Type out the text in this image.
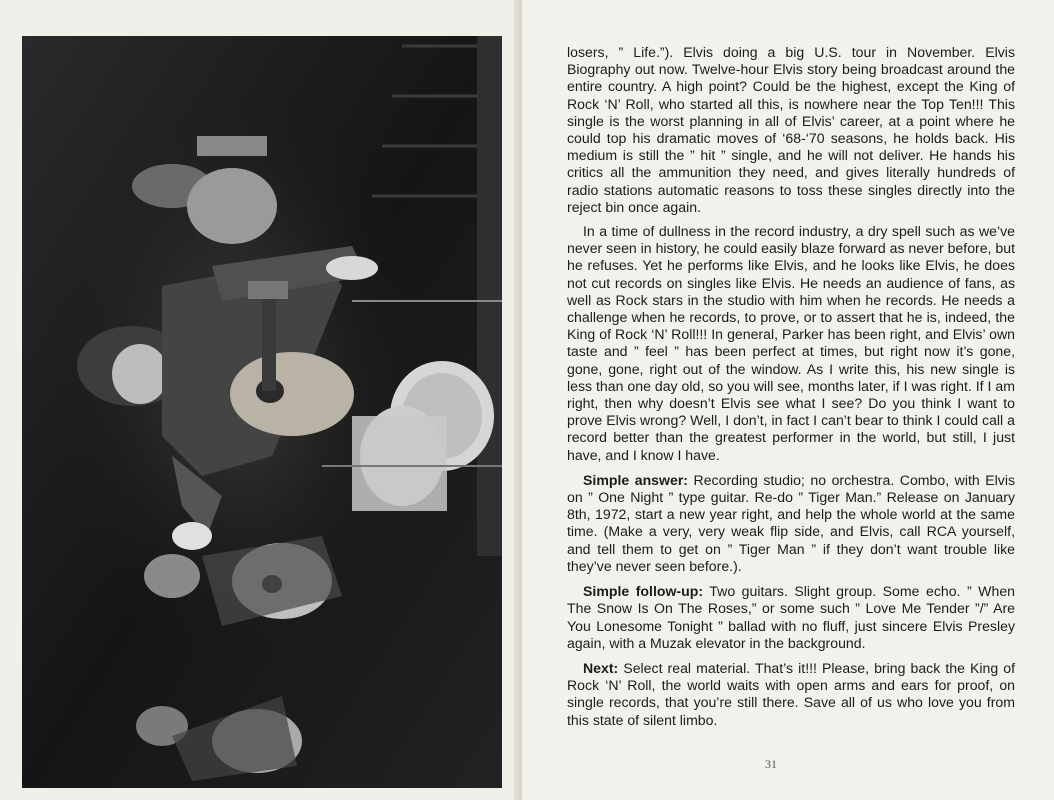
losers, ” Life.”). Elvis doing a big U.S. tour in November. Elvis Biography out now. Twelve-hour Elvis story being broadcast around the entire country. A high point? Could be the highest, except the King of Rock ‘N’ Roll, who started all this, is nowhere near the Top Ten!!! This single is the worst planning in all of Elvis’ career, at a point where he could top his dramatic moves of ‘68-‘70 seasons, he holds back. His medium is still the ” hit ” single, and he will not deliver. He hands his critics all the ammunition they need, and gives literally hundreds of radio stations automatic reasons to toss these singles directly into the reject bin once again.

In a time of dullness in the record industry, a dry spell such as we’ve never seen in history, he could easily blaze forward as never before, but he refuses. Yet he performs like Elvis, and he looks like Elvis, he does not cut records on singles like Elvis. He needs an audience of fans, as well as Rock stars in the studio with him when he records. He needs a challenge when he records, to prove, or to assert that he is, indeed, the King of Rock ‘N’ Roll!!! In general, Parker has been right, and Elvis’ own taste and ” feel ” has been perfect at times, but right now it’s gone, gone, gone, right out of the window. As I write this, his new single is less than one day old, so you will see, months later, if I was right. If I am right, then why doesn’t Elvis see what I see? Do you think I want to prove Elvis wrong? Well, I don’t, in fact I can’t bear to think I could call a record better than the greatest performer in the world, but still, I just have, and I know I have.

Simple answer: Recording studio; no orchestra. Combo, with Elvis on ” One Night ” type guitar. Re-do ” Tiger Man.” Release on January 8th, 1972, start a new year right, and help the whole world at the same time. (Make a very, very weak flip side, and Elvis, call RCA yourself, and tell them to get on ” Tiger Man ” if they don’t want trouble like they’ve never seen before.).

Simple follow-up: Two guitars. Slight group. Some echo. ” When The Snow Is On The Roses,” or some such ” Love Me Tender ”/” Are You Lonesome Tonight ” ballad with no fluff, just sincere Elvis Presley again, with a Muzak elevator in the background.

Next: Select real material. That’s it!!! Please, bring back the King of Rock ‘N’ Roll, the world waits with open arms and ears for proof, on single records, that you’re still there. Save all of us who love you from this state of silent limbo.

31
